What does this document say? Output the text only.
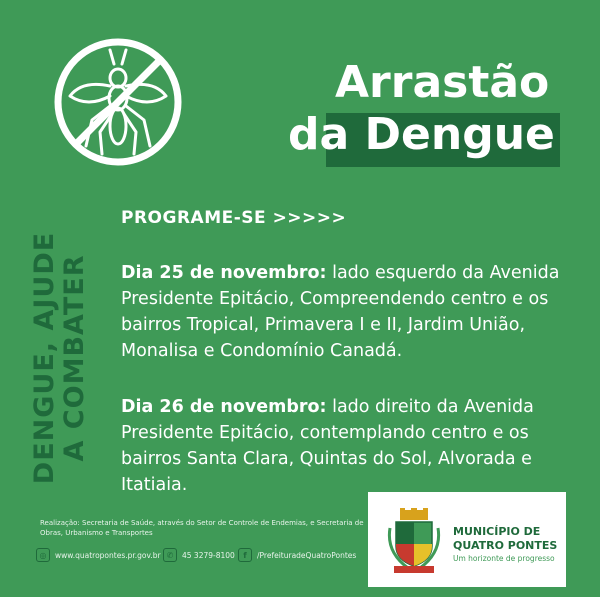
Arrastão
da Dengue
PROGRAME-SE >>>>>
DENGUE, AJUDE A COMBATER Dia 25 de novembro: lado esquerdo da Avenida Presidente Epitácio, Compreendendo centro e os bairros Tropical, Primavera I e II, Jardim União, Monalisa e Condomínio Canadá.
Dia 26 de novembro: lado direito da Avenida Presidente Epitácio, contemplando centro e os bairros Santa Clara, Quintas do Sol, Alvorada e Itatiaia.
Realização: Secretaria de Saúde, através do Setor de Controle de Endemias, e Secretaria de Obras, Urbanismo e Transportes
◎	www.quatropontes.pr.gov.br ✆	45 3279-8100	f	/PrefeituradeQuatroPontes
MUNICÍPIO DE
QUATRO PONTES
Um horizonte de progresso
